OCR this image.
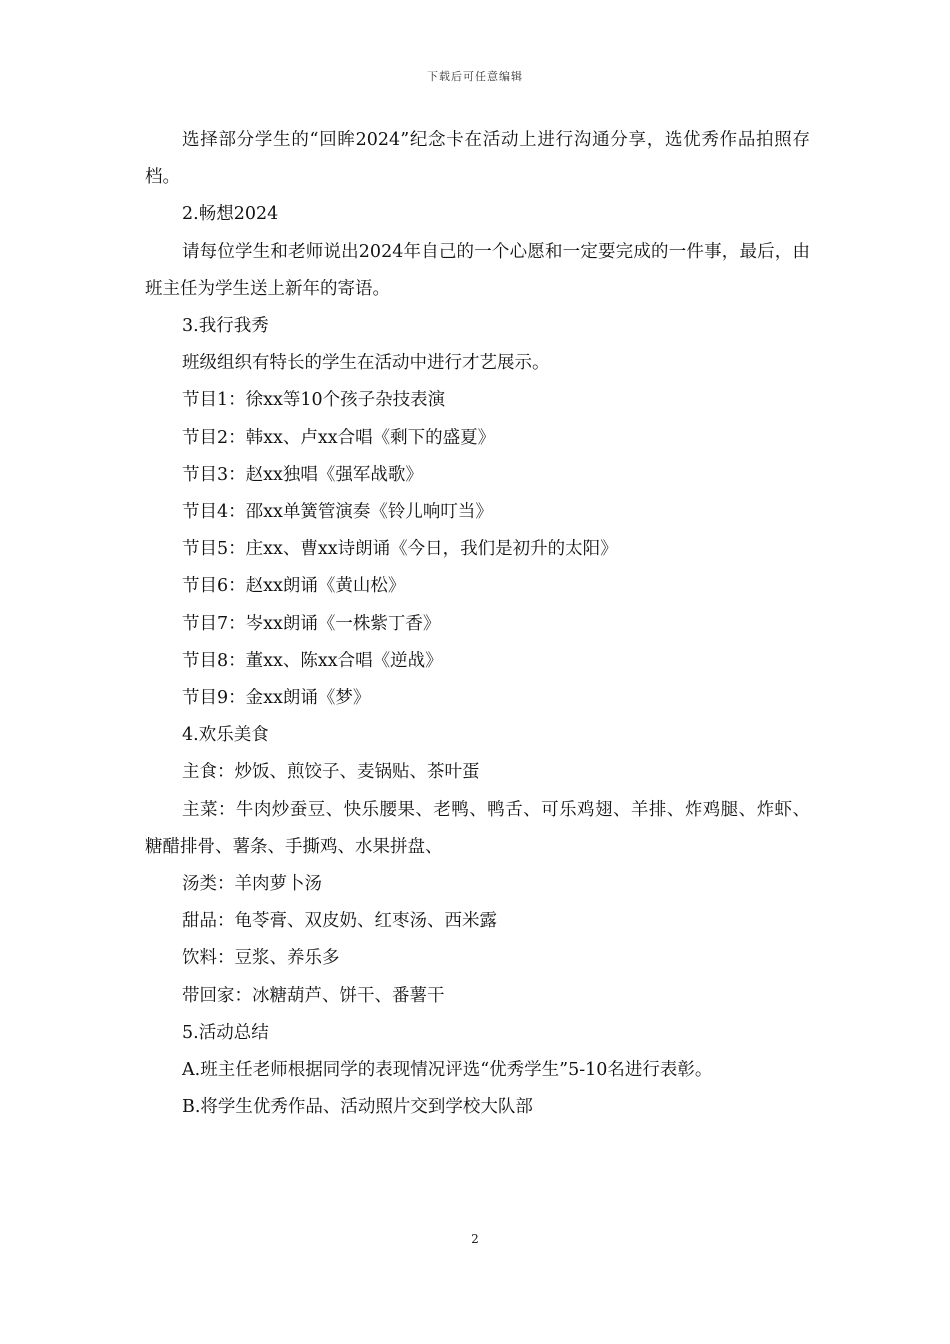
下载后可任意编辑

选择部分学生的“回眸2024”纪念卡在活动上进行沟通分享，选优秀作品拍照存档。

2.畅想2024

请每位学生和老师说出2024年自己的一个心愿和一定要完成的一件事，最后，由班主任为学生送上新年的寄语。

3.我行我秀

班级组织有特长的学生在活动中进行才艺展示。

节目1：徐xx等10个孩子杂技表演

节目2：韩xx、卢xx合唱《剩下的盛夏》

节目3：赵xx独唱《强军战歌》

节目4：邵xx单簧管演奏《铃儿响叮当》

节目5：庄xx、曹xx诗朗诵《今日，我们是初升的太阳》

节目6：赵xx朗诵《黄山松》

节目7：岑xx朗诵《一株紫丁香》

节目8：董xx、陈xx合唱《逆战》

节目9：金xx朗诵《梦》

4.欢乐美食

主食：炒饭、煎饺子、麦锅贴、茶叶蛋

主菜：牛肉炒蚕豆、快乐腰果、老鸭、鸭舌、可乐鸡翅、羊排、炸鸡腿、炸虾、糖醋排骨、薯条、手撕鸡、水果拼盘、

汤类：羊肉萝卜汤

甜品：龟苓膏、双皮奶、红枣汤、西米露

饮料：豆浆、养乐多

带回家：冰糖葫芦、饼干、番薯干

5.活动总结

A.班主任老师根据同学的表现情况评选“优秀学生”5-10名进行表彰。

B.将学生优秀作品、活动照片交到学校大队部

2
